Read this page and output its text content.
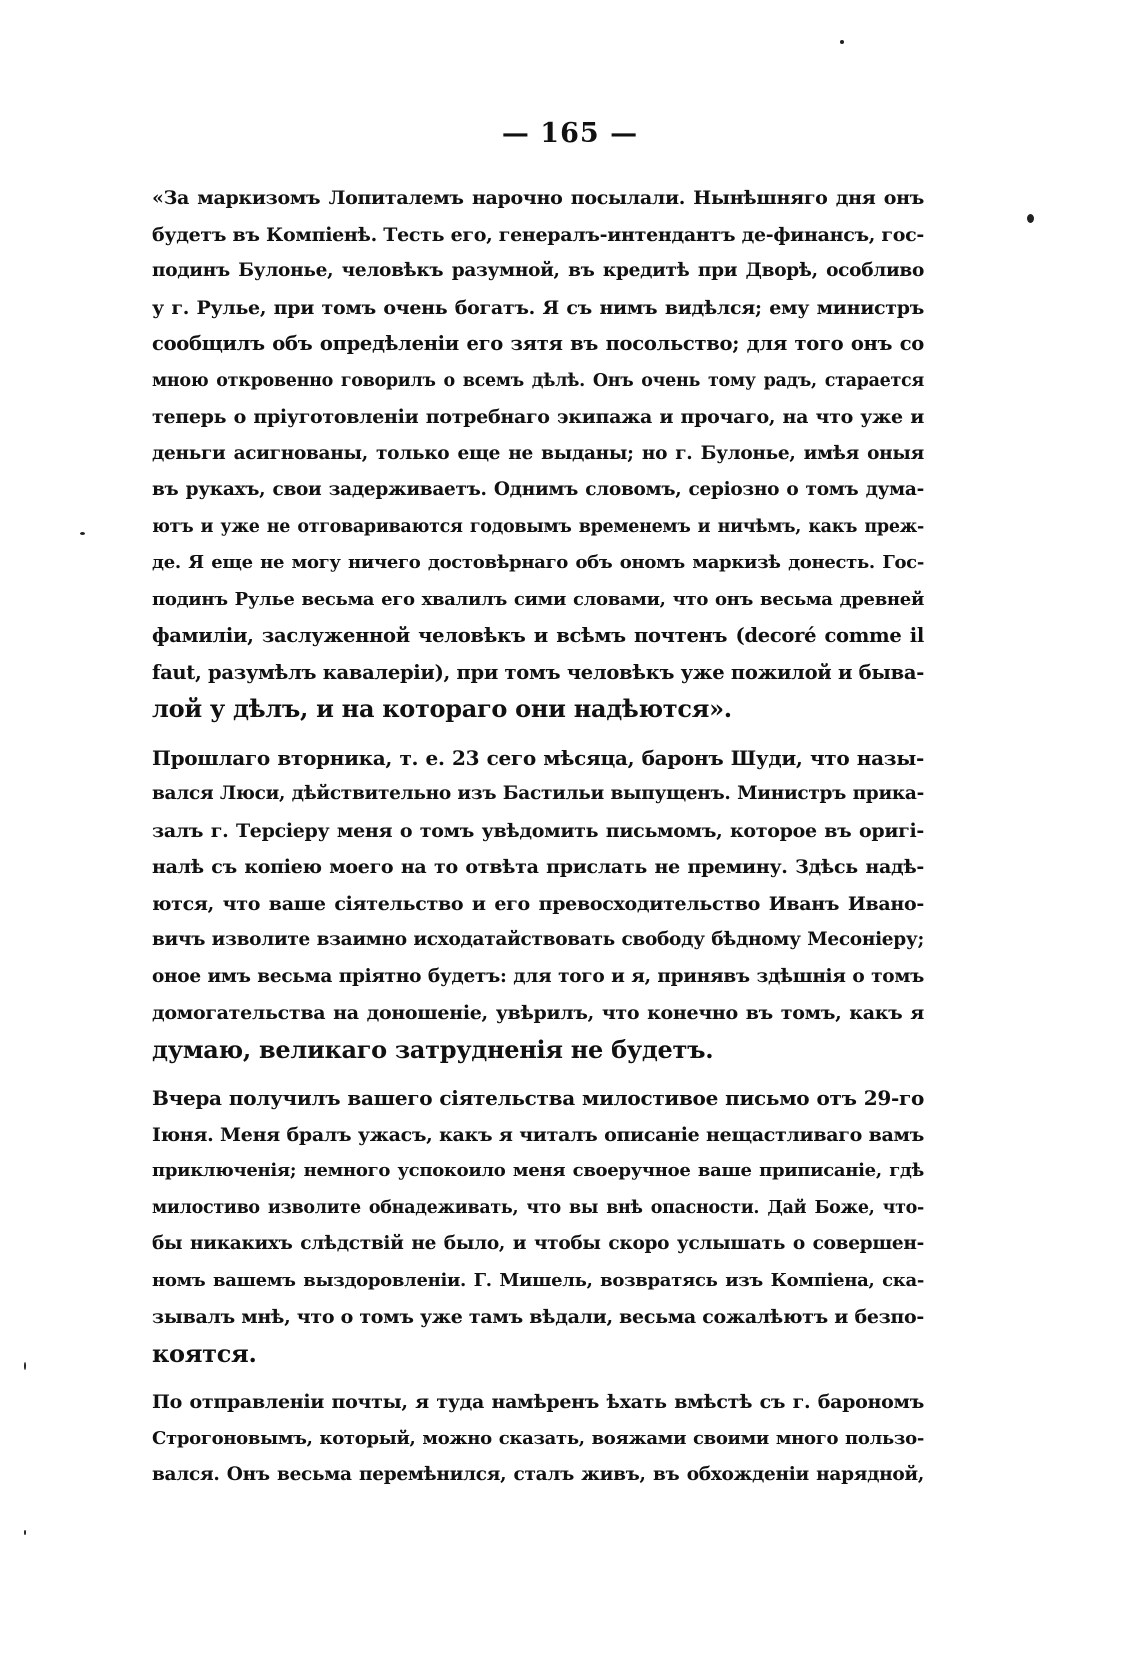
— 165 —

«За маркизомъ Лопиталемъ нарочно посылали. Нынѣшняго дня онъ
будетъ въ Компіенѣ. Тесть его, генералъ-интендантъ де-финансъ, гос-
подинъ Булонье, человѣкъ разумной, въ кредитѣ при Дворѣ, особливо
у г. Рулье, при томъ очень богатъ. Я съ нимъ видѣлся; ему министръ
сообщилъ объ опредѣленіи его зятя въ посольство; для того онъ со
мною откровенно говорилъ о всемъ дѣлѣ. Онъ очень тому радъ, старается
теперь о пріуготовленіи потребнаго экипажа и прочаго, на что уже и
деньги асигнованы, только еще не выданы; но г. Булонье, имѣя оныя
въ рукахъ, свои задерживаетъ. Однимъ словомъ, серіозно о томъ дума-
ютъ и уже не отговариваются годовымъ временемъ и ничѣмъ, какъ преж-
де. Я еще не могу ничего достовѣрнаго объ ономъ маркизѣ донесть. Гос-
подинъ Рулье весьма его хвалилъ сими словами, что онъ весьма древней
фамиліи, заслуженной человѣкъ и всѣмъ почтенъ (decoré comme il
faut, разумѣлъ кавалеріи), при томъ человѣкъ уже пожилой и быва-
лой у дѣлъ, и на котораго они надѣются».

Прошлаго вторника, т. е. 23 сего мѣсяца, баронъ Шуди, что назы-
вался Люси, дѣйствительно изъ Бастильи выпущенъ. Министръ прика-
залъ г. Терсіеру меня о томъ увѣдомить письмомъ, которое въ оригі-
налѣ съ копіею моего на то отвѣта прислать не премину. Здѣсь надѣ-
ются, что ваше сіятельство и его превосходительство Иванъ Ивано-
вичъ изволите взаимно исходатайствовать свободу бѣдному Месоніеру;
оное имъ весьма пріятно будетъ: для того и я, принявъ здѣшнія о томъ
домогательства на доношеніе, увѣрилъ, что конечно въ томъ, какъ я
думаю, великаго затрудненія не будетъ.

Вчера получилъ вашего сіятельства милостивое письмо отъ 29-го
Іюня. Меня бралъ ужасъ, какъ я читалъ описаніе нещастливаго вамъ
приключенія; немного успокоило меня своеручное ваше приписаніе, гдѣ
милостиво изволите обнадеживать, что вы внѣ опасности. Дай Боже, что-
бы никакихъ слѣдствій не было, и чтобы скоро услышать о совершен-
номъ вашемъ выздоровленіи. Г. Мишель, возвратясь изъ Компіена, ска-
зывалъ мнѣ, что о томъ уже тамъ вѣдали, весьма сожалѣютъ и безпо-
коятся.

По отправленіи почты, я туда намѣренъ ѣхать вмѣстѣ съ г. барономъ
Строгоновымъ, который, можно сказать, вояжами своими много пользо-
вался. Онъ весьма перемѣнился, сталъ живъ, въ обхожденіи нарядной,
